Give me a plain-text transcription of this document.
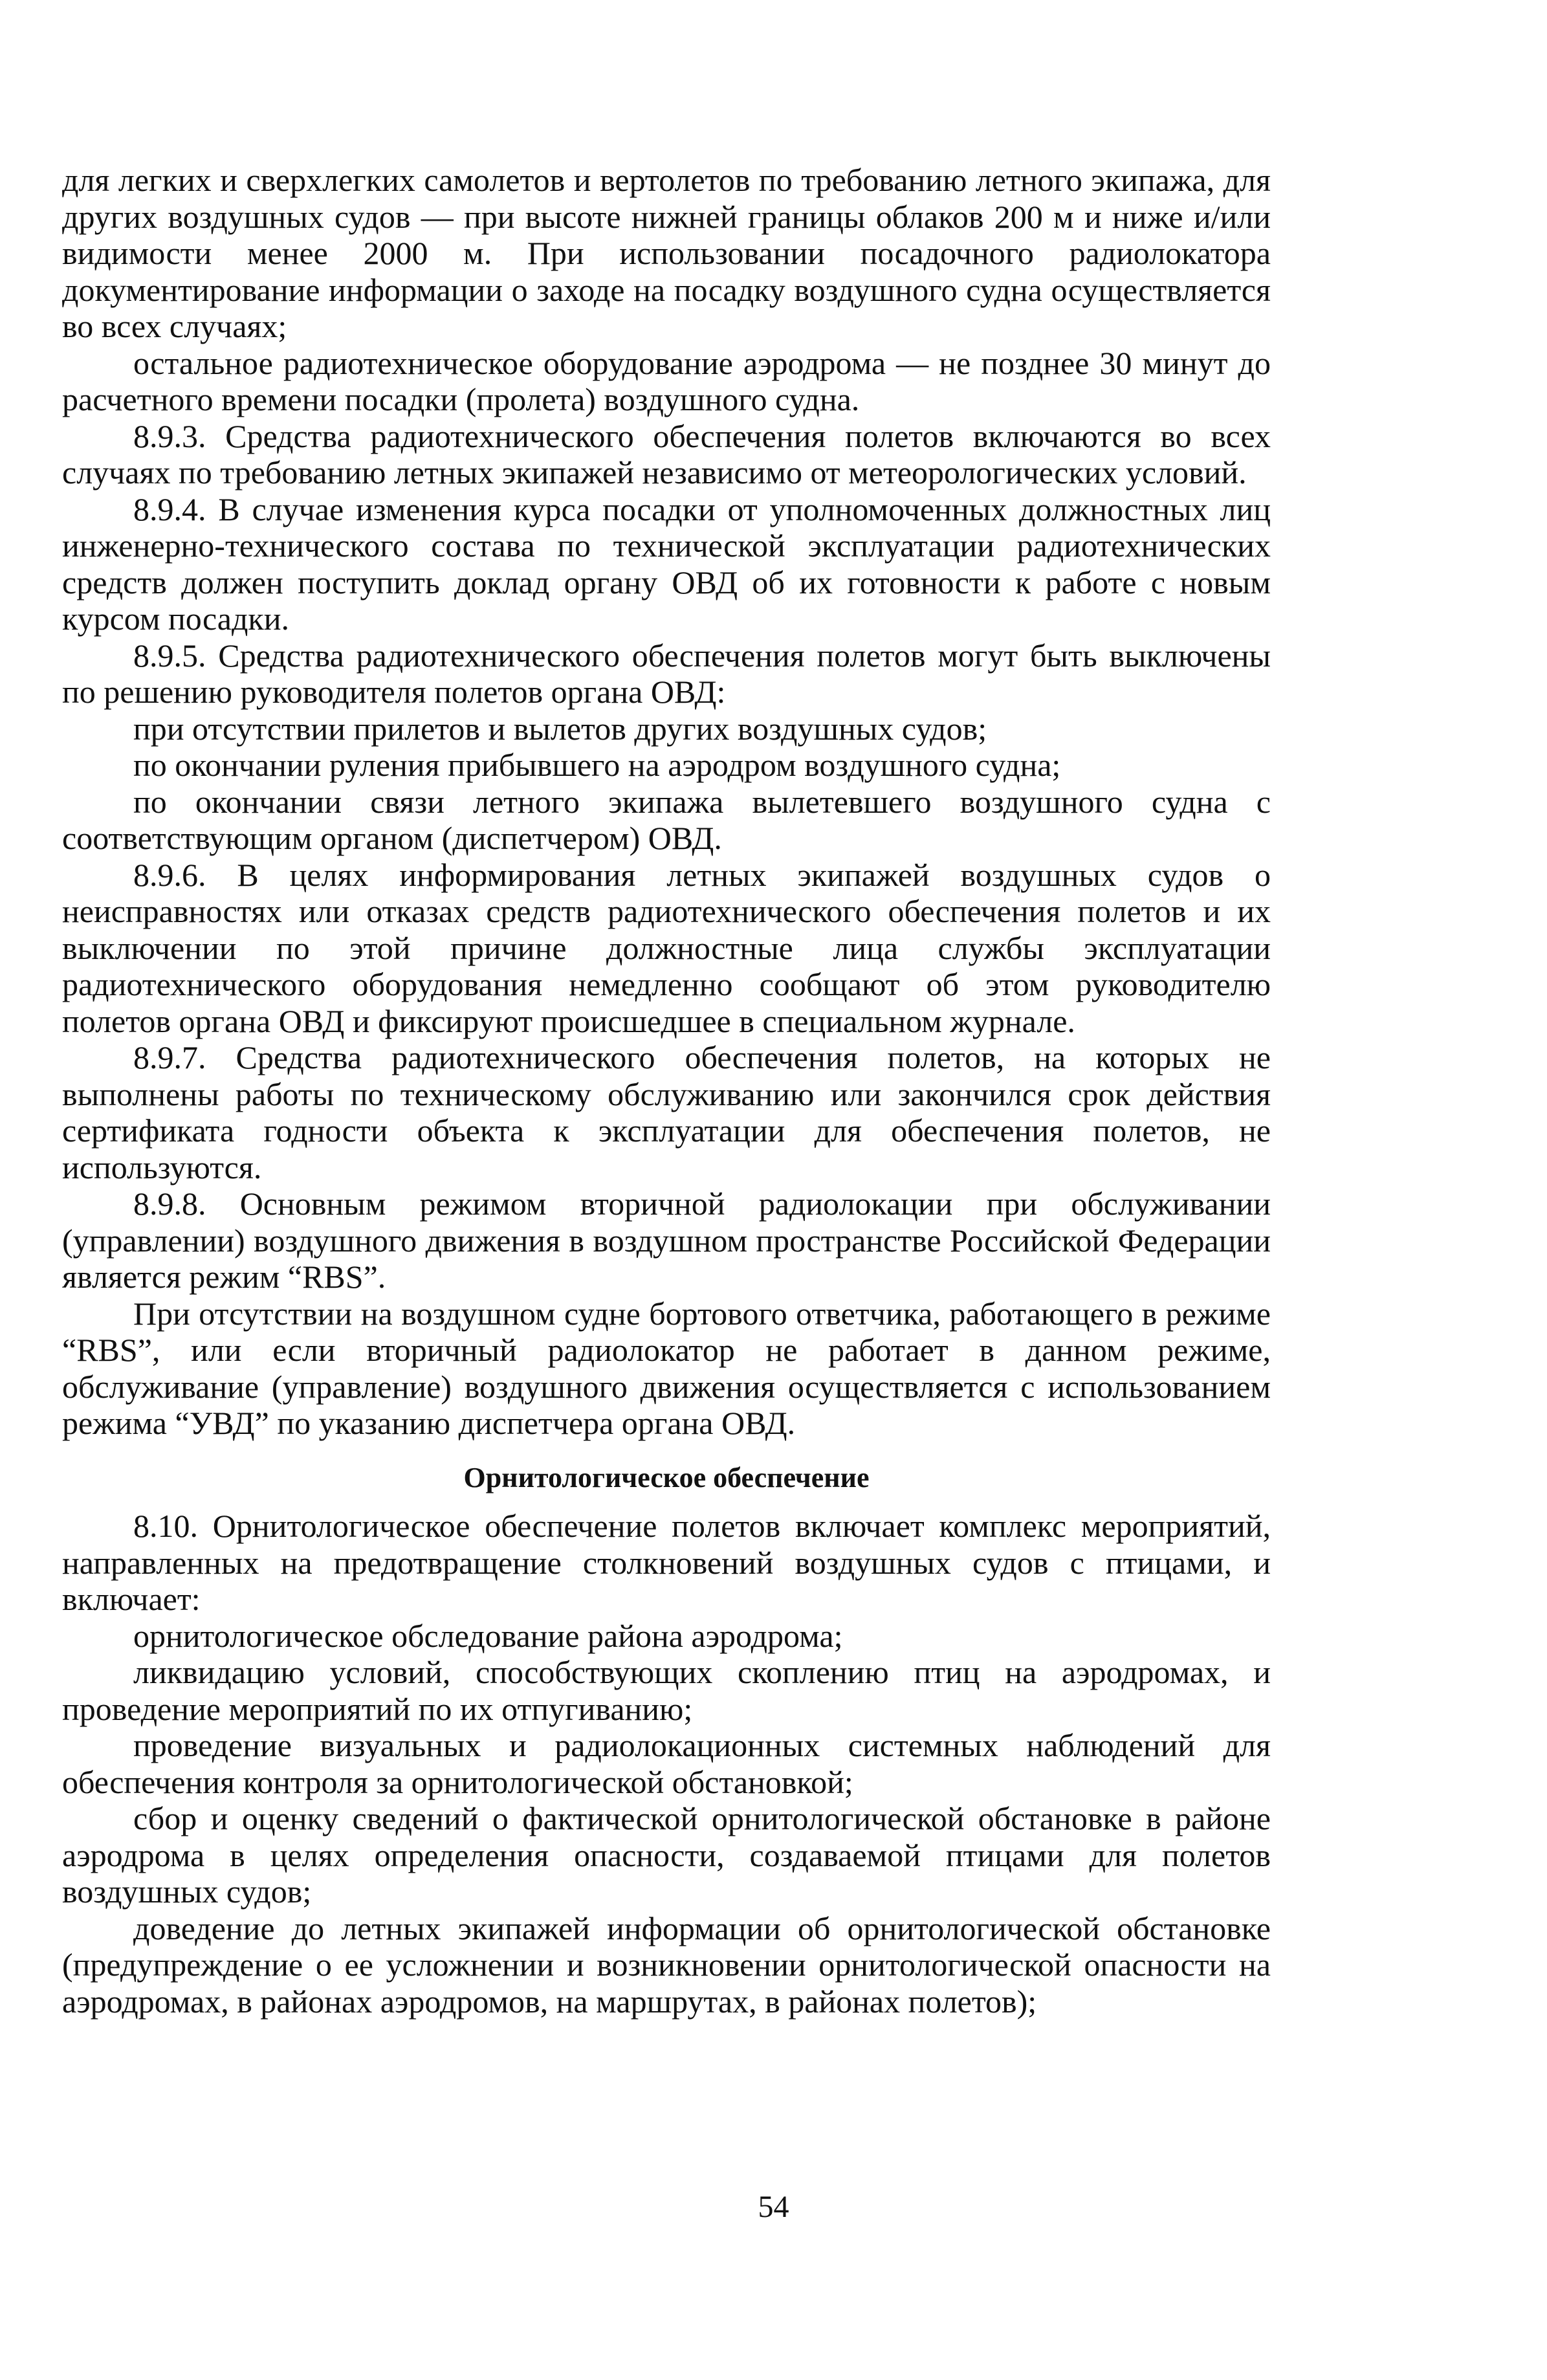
для легких и сверхлегких самолетов и вертолетов по требованию летного экипажа, для других воздушных судов — при высоте нижней границы облаков 200 м и ниже и/или видимости менее 2000 м. При использовании посадочного радиолокатора документирование информации о заходе на посадку воздушного судна осуществляется во всех случаях;

остальное радиотехническое оборудование аэродрома — не позднее 30 минут до расчетного времени посадки (пролета) воздушного судна.

8.9.3. Средства радиотехнического обеспечения полетов включаются во всех случаях по требованию летных экипажей независимо от метеорологических условий.

8.9.4. В случае изменения курса посадки от уполномоченных должностных лиц инженерно-технического состава по технической эксплуатации радиотехнических средств должен поступить доклад органу ОВД об их готовности к работе с новым курсом посадки.

8.9.5. Средства радиотехнического обеспечения полетов могут быть выключены по решению руководителя полетов органа ОВД:

при отсутствии прилетов и вылетов других воздушных судов;

по окончании руления прибывшего на аэродром воздушного судна;

по окончании связи летного экипажа вылетевшего воздушного судна с соответствующим органом (диспетчером) ОВД.

8.9.6. В целях информирования летных экипажей воздушных судов о неисправностях или отказах средств радиотехнического обеспечения полетов и их выключении по этой причине должностные лица службы эксплуатации радиотехнического оборудования немедленно сообщают об этом руководителю полетов органа ОВД и фиксируют происшедшее в специальном журнале.

8.9.7. Средства радиотехнического обеспечения полетов, на которых не выполнены работы по техническому обслуживанию или закончился срок действия сертификата годности объекта к эксплуатации для обеспечения полетов, не используются.

8.9.8. Основным режимом вторичной радиолокации при обслуживании (управлении) воздушного движения в воздушном пространстве Российской Федерации является режим “RBS”.

При отсутствии на воздушном судне бортового ответчика, работающего в режиме “RBS”, или если вторичный радиолокатор не работает в данном режиме, обслуживание (управление) воздушного движения осуществляется с использованием режима “УВД” по указанию диспетчера органа ОВД.

Орнитологическое обеспечение

8.10. Орнитологическое обеспечение полетов включает комплекс мероприятий, направленных на предотвращение столкновений воздушных судов с птицами, и включает:

орнитологическое обследование района аэродрома;

ликвидацию условий, способствующих скоплению птиц на аэродромах, и проведение мероприятий по их отпугиванию;

проведение визуальных и радиолокационных системных наблюдений для обеспечения контроля за орнитологической обстановкой;

сбор и оценку сведений о фактической орнитологической обстановке в районе аэродрома в целях определения опасности, создаваемой птицами для полетов воздушных судов;

доведение до летных экипажей информации об орнитологической обстановке (предупреждение о ее усложнении и возникновении орнитологической опасности на аэродромах, в районах аэродромов, на маршрутах, в районах полетов);

54
